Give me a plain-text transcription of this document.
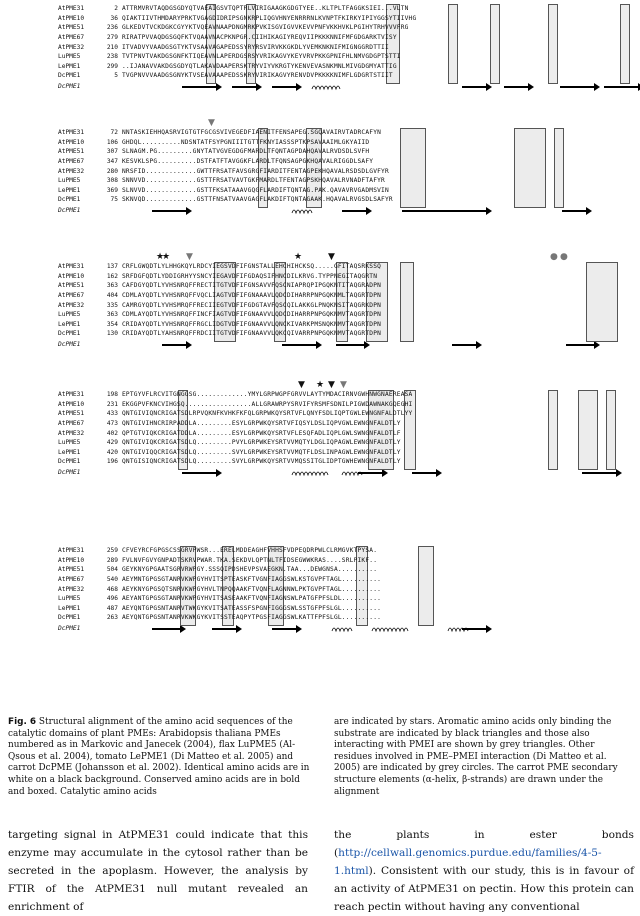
AtPME31	2 ATTRMVRVTAQDGSGDYQTVAEAIGSVTQPTRLVIRIGAAGKGDGTYEE..KLTPLTFAGGKSIEI...VLTN
AtPME10	36 QIAKTIIVTHMDARYPRKTVGAGDIDRIPSGNKRPLIQGVHNYENRRRNLKVNPTFKIRKYIPIYGGSYTIIVHG
AtPME51	236 GLKEDVTVCKDGKCGYYKTVQEAVNAAPDNGMRKPVKISGVIGVVKEVVPNFVKKHVKLPGIHYTRHVVVFRG
AtPME67	279 RIRATPVVAQDGSGQFKTVQAAVNACPKNPGR.CIIHIKAGIYREQVIIPKKKNNIFMFGDGARKTVISY
AtPME32	210 ITVADVYVAADGSGTYKTVSAAVAGAPEDSSYRYRSVIRVKKGKDLYVEMKNKNIFMIGNGGRDTTII
LuPME5	238 TVTPNVTVAKDGSGNFKTIQEAVNLAPERDGSRSYVRIKAGVYKEYVRVPKKGPNIFHLNMVGDGPTSTTI
LePME1	299 ..IJANAVVAKDGSGDYQTLAKAVDAAPERSKTRYVIYVKRGTYKENVEVASNKMNLMIVGDGMYATTIG
DcPME1	5 TVGPNVVVAADGSGNYKTVSEAVAAAPEDSSKRYVIRIKAGVYRENVDVPKKKKNIMFLGDGRTSTIIT
DcPME1
▼
AtPME31	72 NNTASKIEHHQASRVIGTGTFGCGSVIVEGEDFIAENITFENSAPEG.SGQAVAIRVTADRCAFYN
AtPME10	106 GHDQL..........NDSNTATFSYPGNIIITGTTFKNYIASSSPTKPSAVAAIMLGKYAIID
AtPME51	307 SLNAGM.PG.........GNYTATVGVEGDGFMARDLTFQNTAGPDAHQAVALRVDSDLSVFH
AtPME67	347 KESVKLSPG..........DSTFATFTAVGGKFLARDLTFQNSAGPGKHQAVALRIGGDLSAFY
AtPME32	280 NRSFID.............GWTTFRSATFAVSGRGFIARDITFENTAGPEKHQAVALRSDSDLGVFYR
LuPME5	308 SNNVVD.............GSTTFRSATVAVTGKFMARDLTFENTAGPSKHQAVALRVNADFTAFYR
LePME1	369 SLNVVD.............GSTTFKSATAAAVGQGFLARDIFTQNTAG.PAK.QAVAVRVGADMSVIN
DcPME1	75 SKNVQD.............GSTTFNSATVAAVGAGFLAKDIFTQNTAGAAK.HQAVALRVGSDLSAFYR
DcPME1
★
★ ▼	★	▼	● ●
AtPME31	137 CRFLGWQDTLYLHHGKQYLRDCYIEGSVDFIFGNSTALLEHCHIHCKSQ.....GFITAQSRKSSQ
AtPME10	162 SRFDGFQDTLYDDIGRHYYSNCYIEGAVDFIFGDAQSIFHNCDILKRVG.TYPPNEGITAQGRTN
AtPME51	363 CAFDGYQDTLYVHSNRQFFRECTITGTVDFIFGNSAVVFQSCNIAPRQPIPGQKNTITAQGRADPN
AtPME67	404 CDMLAYQDTLYVHSNRQFFVQCLIAGTVDFIFGNAAAVLQDCDIHARRPNPGQKNMLTAQGRTDPN
AtPME32	335 CAMRGYQDTLYVHSMRQFFRECIIEGTVDFIFGDGTAVFQSCQILAKKGLPNQKNSITAQGRKDPN
LuPME5	363 CDMLAYQDTLYVHSNRQFFINCFIAGTVDFIFGNAAVVLQDCDIHARRPNPGQKNMVTAQGRTDPN
LePME1	354 CRIDAYQDTLYVHSNRQFFRGCLIDGTVDFIFGNAAVVLQNCKIVARKPMSNQKNMVTAQGRTDPN
DcPME1	130 CRIDAYQDTLYAHSNRQFFRDCIITGTVDFIFGNAAVVLQKCQIVARRPNPGQKNMVTAQGRTDPN
DcPME1
▼ ★ ▼ ▼
AtPME31	198 EPTGYVFLRCVITGNGGSG.............YMYLGRPWGPFGRVVLAYTYMDACIRNVGWHNWGNAEREASA
AtPME10	231 EKGGPVFKNCVIHGSQ.................ALLGRAWRPYSRVIFYRSMFSDNILPIGWDAWNAKGQEGHI
AtPME51	433 QNTGIVIQNCRIGATSDLRPVQKNFKVHKFKFQLGRPWKQYSRTVFLQNYFSDLIQPTGWLEWNGNFALDTLYY
AtPME67	473 QNTGIVIHNCRIRPADDLA.........ESYLGRPWKQYSRTVFIQSYLDSLIQPVGWLEWNGNFALDTLY
AtPME32	402 QPTGTVIQKCRIGATDDLA.........ESYLGRPWKQYSRTVFLESQFADLIQPLGWLSWNGNFALDTLF
LuPME5	429 QNTGIVIQKCRIGATSDLQ.........PVYLGRPWKEYSRTVVMQTYLDGLIQPAGWLEWNGNFALDTLY
LePME1	420 QNTGIVIQQCRIGATSDLQ.........SVYLGRPWKEYSRTVVMQTFLDSLINPAGWLEWNGNFALDTLY
DcPME1	196 QNTGISIQNCRIGATSDLQ.........SVYLGRPWKQYSRTVVMQSSITGLIDPTGWHEWNGNFALDTLY
DcPME1
AtPME31	259 CFVEYRCFGPGSCSSGRVPWSR...ERELMDDEAGHFVHHSFVDPEQDRPWLCLRMGVKTPYSA.
AtPME10	289 FVLNVFGVYGNPADTSKRVPWAR.TKA.SEKDVLQPTNLTFIDSEGWWKRAS....SRLPIKF..
AtPME51	504 GEYKNYGPGAATSGRVRWPGY.SSSQIPDSHEVPSVAEGKN.TAA...DEWGNSA..........
AtPME67	540 AEYMNTGPGSGTANRVKWPGYHVITSPTEASKFTVGNFIAGGSWLKSTGVPFTAGL..........
AtPME32	468 AEYKNYGPGSQTSNRVKWPGYHVLTNPQQAAKFTVQNFLAGNNWLPKTGVPFTAGL..........
LuPME5	496 AEYANTGPGSGTANRVKWPGYHVITSASEAAKFTVQNFIAGNSWLPATGFPFSLDL..........
LePME1	487 AEYQNTGPGSNTANRVTWKGYKVITSATEASSFSPGNFIGGGSWLSSTGFPFSLGL..........
DcPME1	263 AEYQNTGPGSNTANRVKWKGYKVITSSTEAQPYTPGSFIAGGSWLKATTFPFSLGL..........
DcPME1
Fig. 6 Structural alignment of the amino acid sequences of the catalytic domains of plant PMEs: Arabidopsis thaliana PMEs numbered as in Markovic and Janecek (2004), flax LuPME5 (Al-Qsous et al. 2004), tomato LePME1 (Di Matteo et al. 2005) and carrot DcPME (Johansson et al. 2002). Identical amino acids are in white on a black background. Conserved amino acids are in bold and boxed. Catalytic amino acids
are indicated by stars. Aromatic amino acids only binding the substrate are indicated by black triangles and those also interacting with PMEI are shown by grey triangles. Other residues involved in PME–PMEI interaction (Di Matteo et al. 2005) are indicated by grey circles. The carrot PME secondary structure elements (α-helix, β-strands) are drawn under the alignment
targeting signal in AtPME31 could indicate that this enzyme may accumulate in the cytosol rather than be secreted in the apoplasm. However, the analysis by FTIR of the AtPME31 null mutant revealed an enrichment of
the plants in ester bonds (http://cellwall.genomics.purdue.edu/families/4-5-1.html). Consistent with our study, this is in favour of an activity of AtPME31 on pectin. How this protein can reach pectin without having any conventional
